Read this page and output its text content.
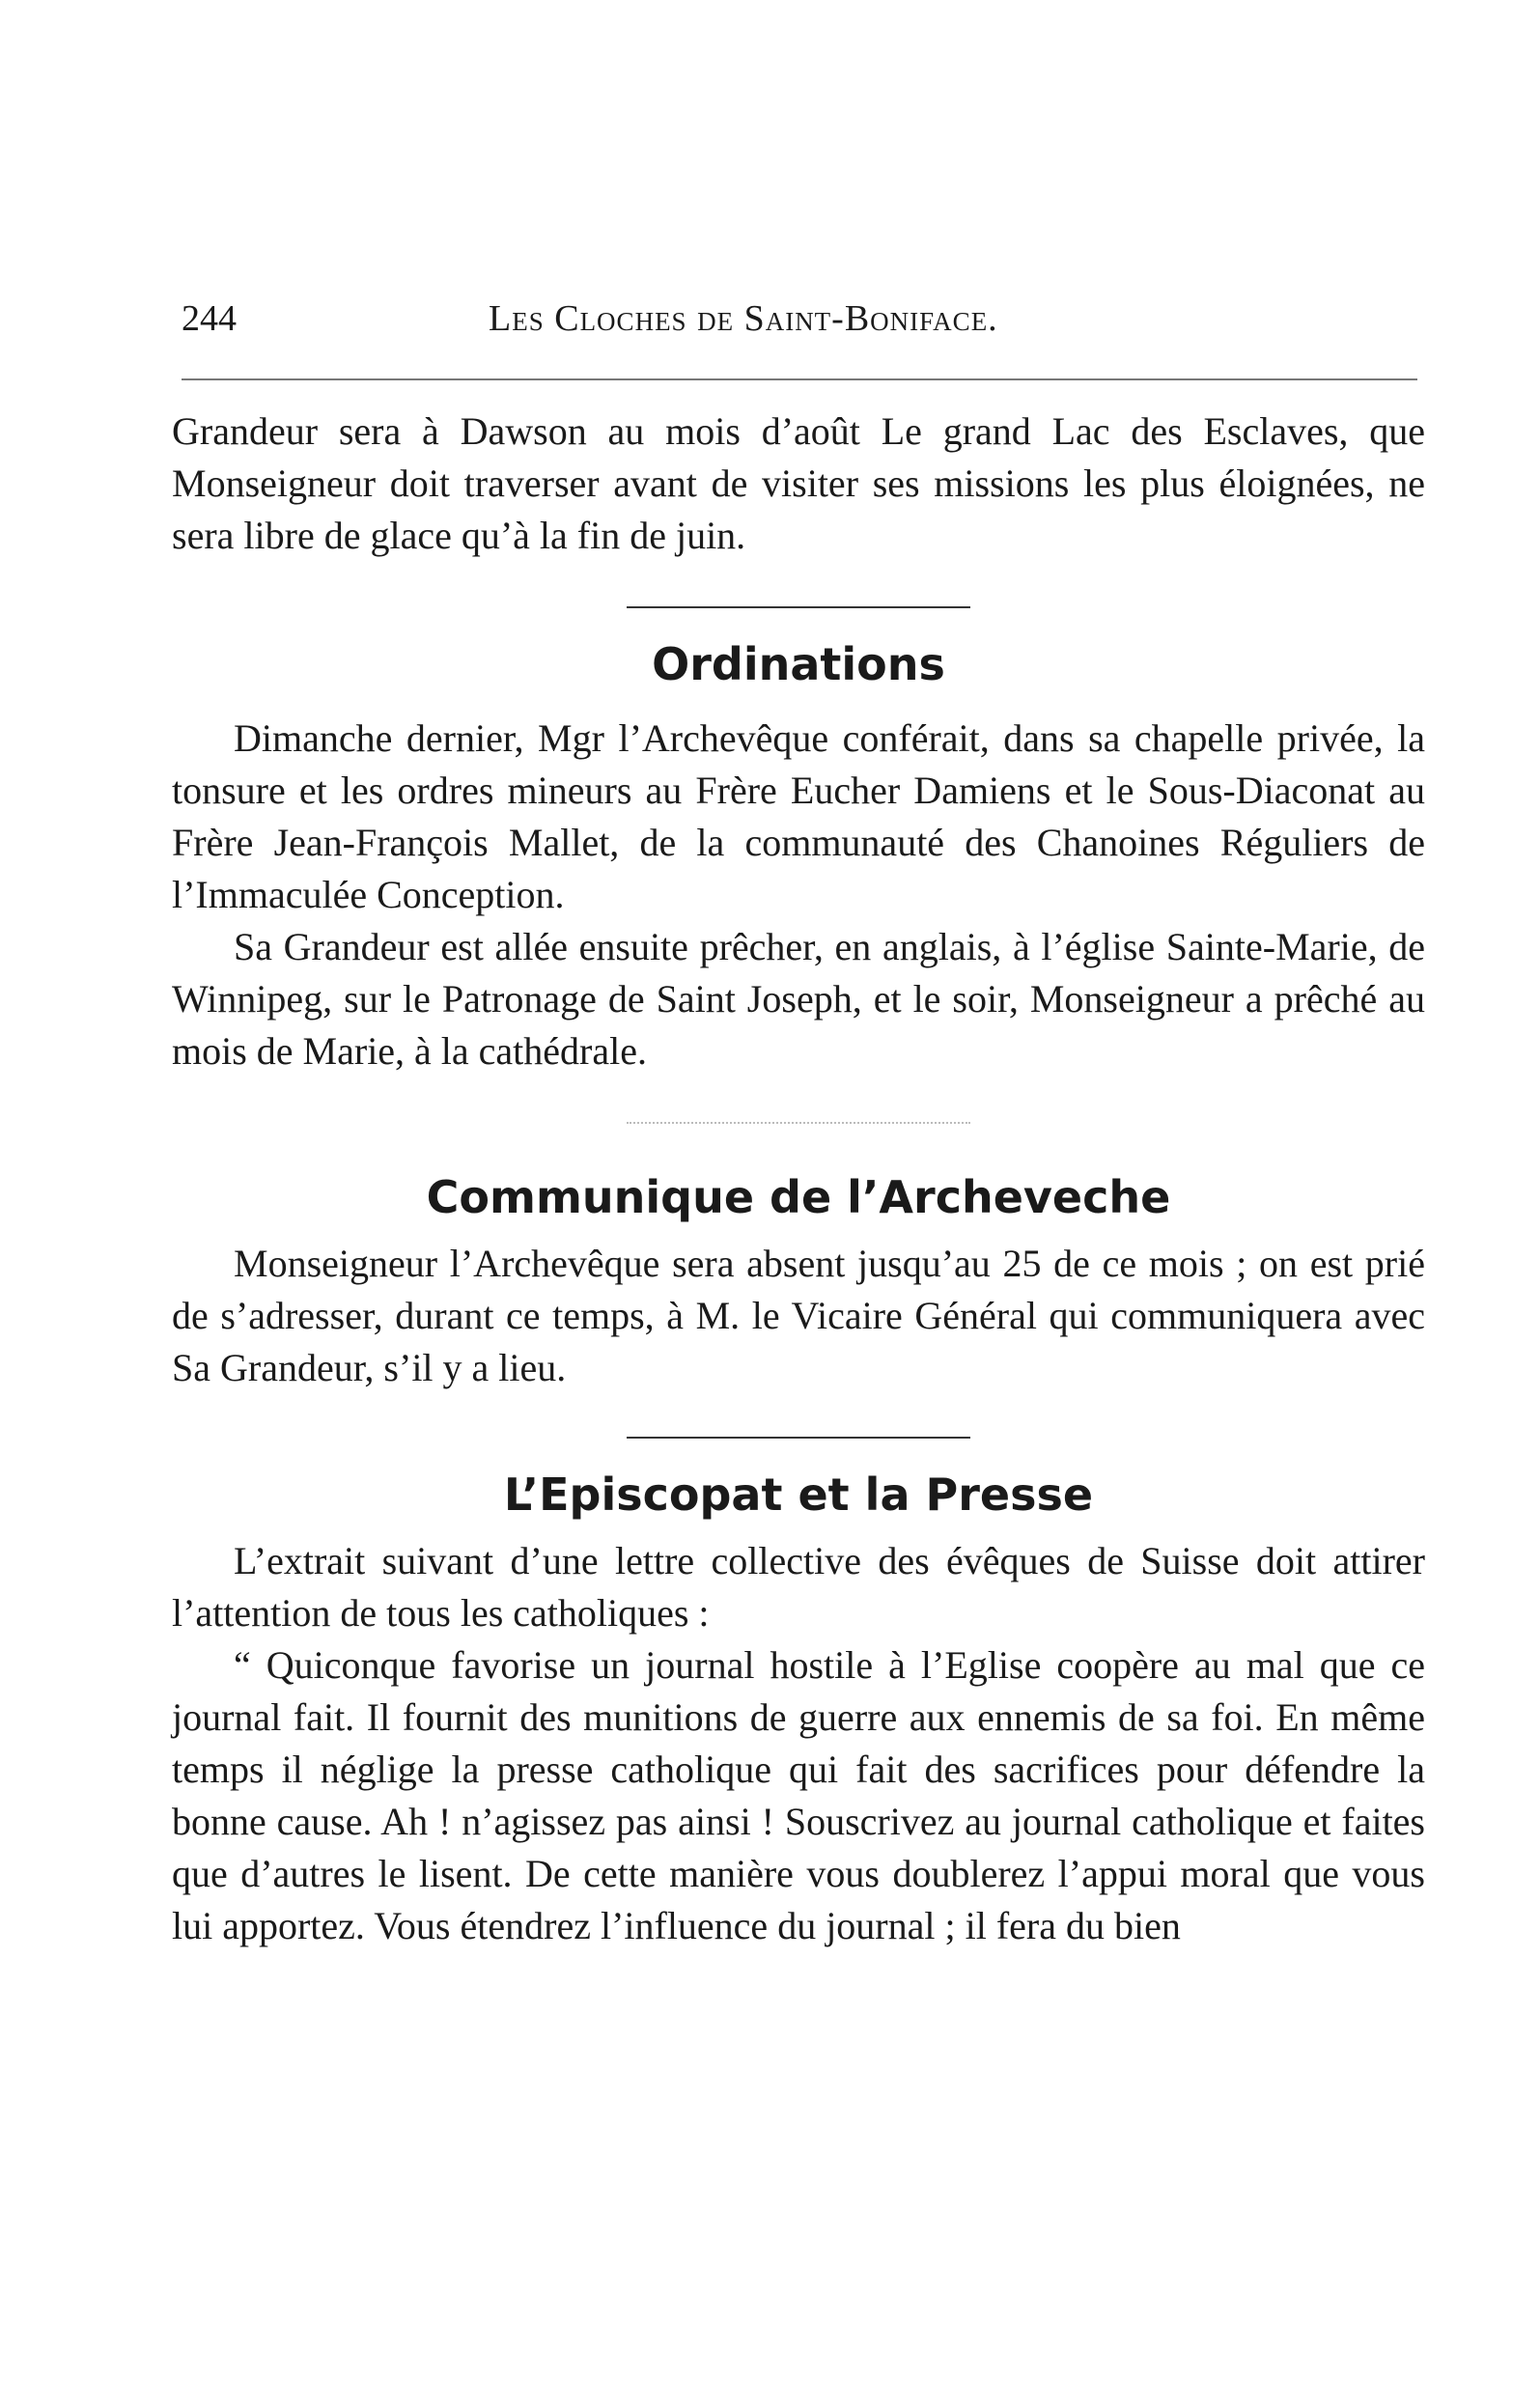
244	Les Cloches de Saint-Boniface.

Grandeur sera à Dawson au mois d’août Le grand Lac des Esclaves, que Monseigneur doit traverser avant de visiter ses missions les plus éloignées, ne sera libre de glace qu’à la fin de juin.

Ordinations

Dimanche dernier, Mgr l’Archevêque conférait, dans sa chapelle privée, la tonsure et les ordres mineurs au Frère Eucher Damiens et le Sous-Diaconat au Frère Jean-François Mallet, de la communauté des Chanoines Réguliers de l’Immaculée Conception.

Sa Grandeur est allée ensuite prêcher, en anglais, à l’église Sainte-Marie, de Winnipeg, sur le Patronage de Saint Joseph, et le soir, Monseigneur a prêché au mois de Marie, à la cathédrale.

Communique de l’Archeveche

Monseigneur l’Archevêque sera absent jusqu’au 25 de ce mois ; on est prié de s’adresser, durant ce temps, à M. le Vicaire Général qui communiquera avec Sa Grandeur, s’il y a lieu.

L’Episcopat et la Presse

L’extrait suivant d’une lettre collective des évêques de Suisse doit attirer l’attention de tous les catholiques :

“ Quiconque favorise un journal hostile à l’Eglise coopère au mal que ce journal fait. Il fournit des munitions de guerre aux ennemis de sa foi. En même temps il néglige la presse catholique qui fait des sacrifices pour défendre la bonne cause. Ah ! n’agissez pas ainsi ! Souscrivez au journal catholique et faites que d’autres le lisent. De cette manière vous doublerez l’appui moral que vous lui apportez. Vous étendrez l’influence du journal ; il fera du bien
